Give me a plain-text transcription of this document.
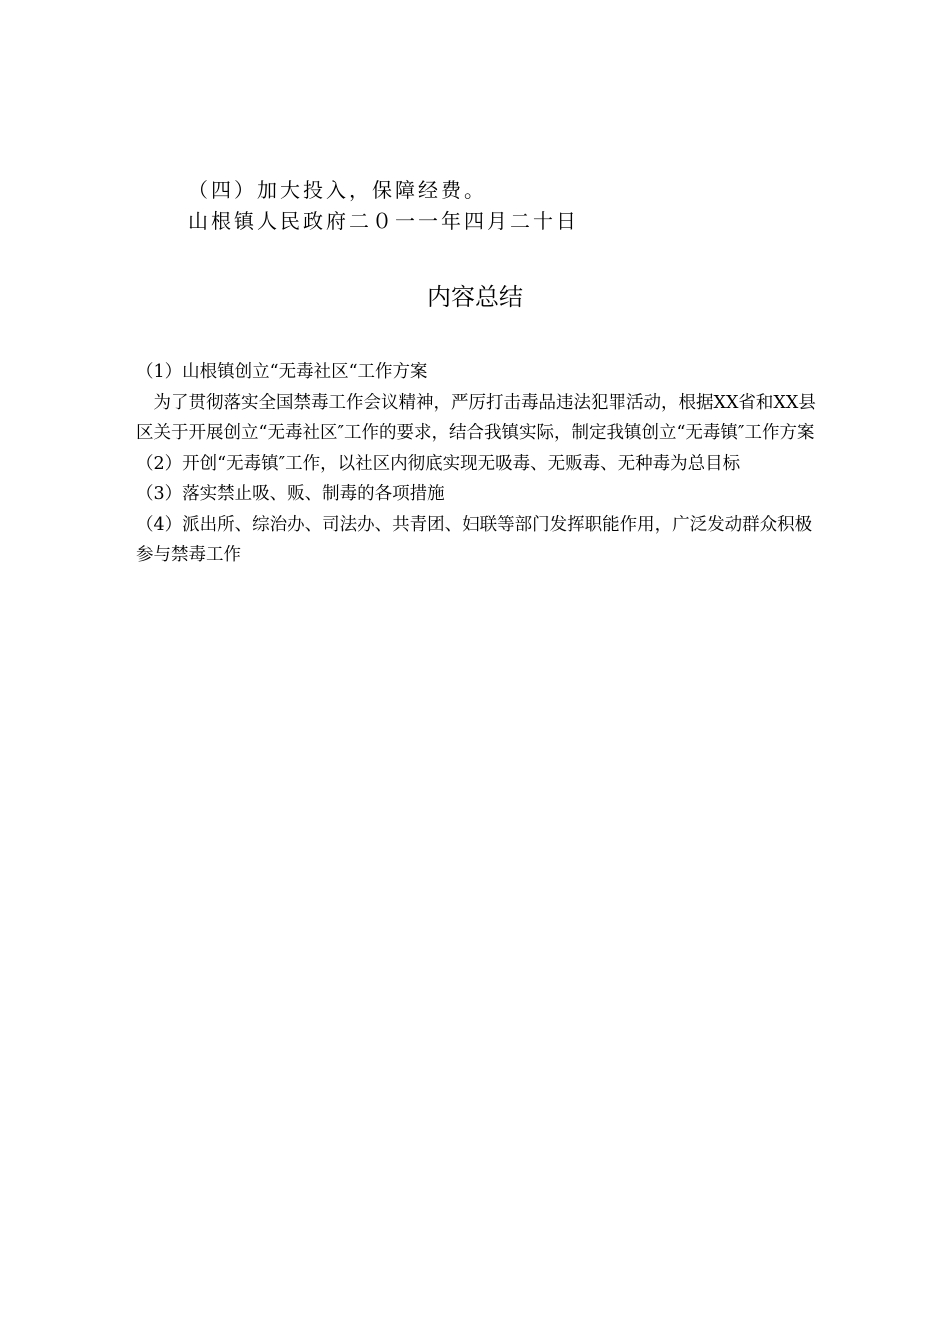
（四）加大投入，保障经费。
山根镇人民政府二０一一年四月二十日
内容总结

（1）山根镇创立“无毒社区“工作方案

为了贯彻落实全国禁毒工作会议精神，严厉打击毒品违法犯罪活动，根据XX省和XX县区关于开展创立“无毒社区″工作的要求，结合我镇实际，制定我镇创立“无毒镇″工作方案

（2）开创“无毒镇″工作，以社区内彻底实现无吸毒、无贩毒、无种毒为总目标

（3）落实禁止吸、贩、制毒的各项措施

（4）派出所、综治办、司法办、共青团、妇联等部门发挥职能作用，广泛发动群众积极参与禁毒工作
